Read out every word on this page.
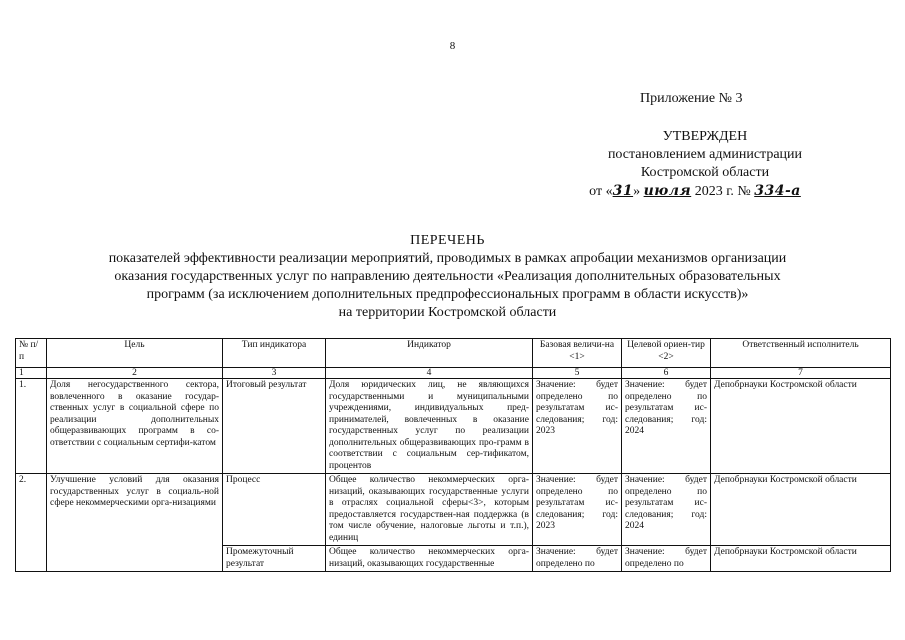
8
Приложение № 3
УТВЕРЖДЕН
постановлением администрации
Костромской области
от «31» июля 2023 г. № 334-а
ПЕРЕЧЕНЬ
показателей эффективности реализации мероприятий, проводимых в рамках апробации механизмов организации
оказания государственных услуг по направлению деятельности «Реализация дополнительных образовательных
программ (за исключением дополнительных предпрофессиональных программ в области искусств)»
на территории Костромской области
№ п/п	Цель	Тип индикатора	Индикатор	Базовая величи-на <1>	Целевой ориен-тир <2>	Ответственный исполнитель
1	2	3	4	5	6	7
1.	Доля негосударственного сектора, вовлеченного в оказание государ-ственных услуг в социальной сфере по реализации дополнительных общеразвивающих программ в со-ответствии с социальным сертифи-катом	Итоговый результат	Доля юридических лиц, не являющихся государственными и муниципальными учреждениями, индивидуальных пред-принимателей, вовлеченных в оказание государственных услуг по реализации дополнительных общеразвивающих про-грамм в соответствии с социальным сер-тификатом, процентов	Значение: будет определено по результатам ис-следования; год: 2023	Значение: будет определено по результатам ис-следования; год: 2024	Депобрнауки Костромской области
2.	Улучшение условий для оказания государственных услуг в социаль-ной сфере некоммерческими орга-низациями	Процесс	Общее количество некоммерческих орга-низаций, оказывающих государственные услуги в отраслях социальной сферы<3>, которым предоставляется государствен-ная поддержка (в том числе обучение, налоговые льготы и т.п.), единиц	Значение: будет определено по результатам ис-следования; год: 2023	Значение: будет определено по результатам ис-следования; год: 2024	Депобрнауки Костромской области
		Промежуточный результат	Общее количество некоммерческих орга-низаций, оказывающих государственные	Значение: будет определено по	Значение: будет определено по	Депобрнауки Костромской области
